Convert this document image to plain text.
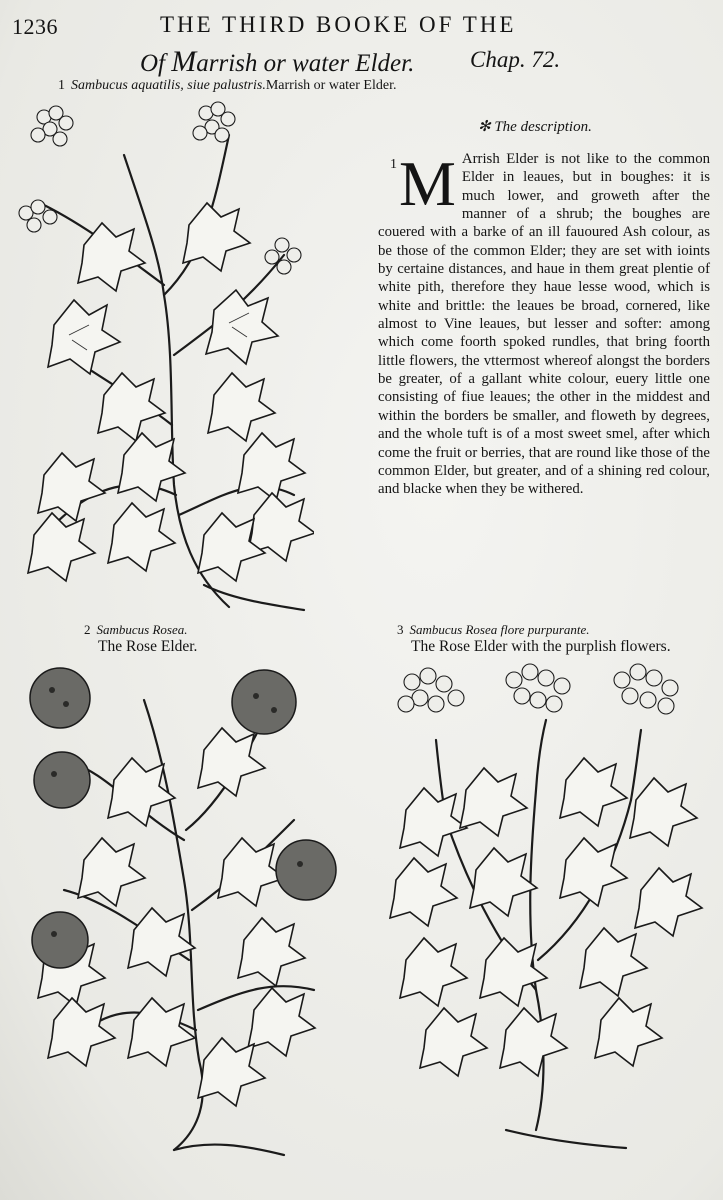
1236	THE THIRD BOOKE OF THE
Of Marrish or water Elder. Chap. 72.
1 Sambucus aquatilis, siue palustris.Marrish or water Elder.
✻ The description.
1 M Arrish Elder is not like to the common Elder in leaues, but in boughes: it is much lower, and groweth after the manner of a shrub; the boughes are couered with a barke of an ill fauoured Ash colour, as be those of the common Elder; they are set with ioints by certaine distances, and haue in them great plentie of white pith, therefore they haue lesse wood, which is white and brittle: the leaues be broad, cornered, like almost to Vine leaues, but lesser and softer: among which come foorth spoked rundles, that bring foorth little flowers, the vttermost whereof alongst the borders be greater, of a gallant white colour, euery little one consisting of fiue leaues; the other in the middest and within the borders be smaller, and floweth by degrees, and the whole tuft is of a most sweet smel, after which come the fruit or berries, that are round like those of the common Elder, but greater, and of a shining red colour, and blacke when they be withered.

2 Sambucus Rosea.
The Rose Elder.
3 Sambucus Rosea flore purpurante.
The Rose Elder with the purplish flowers.
